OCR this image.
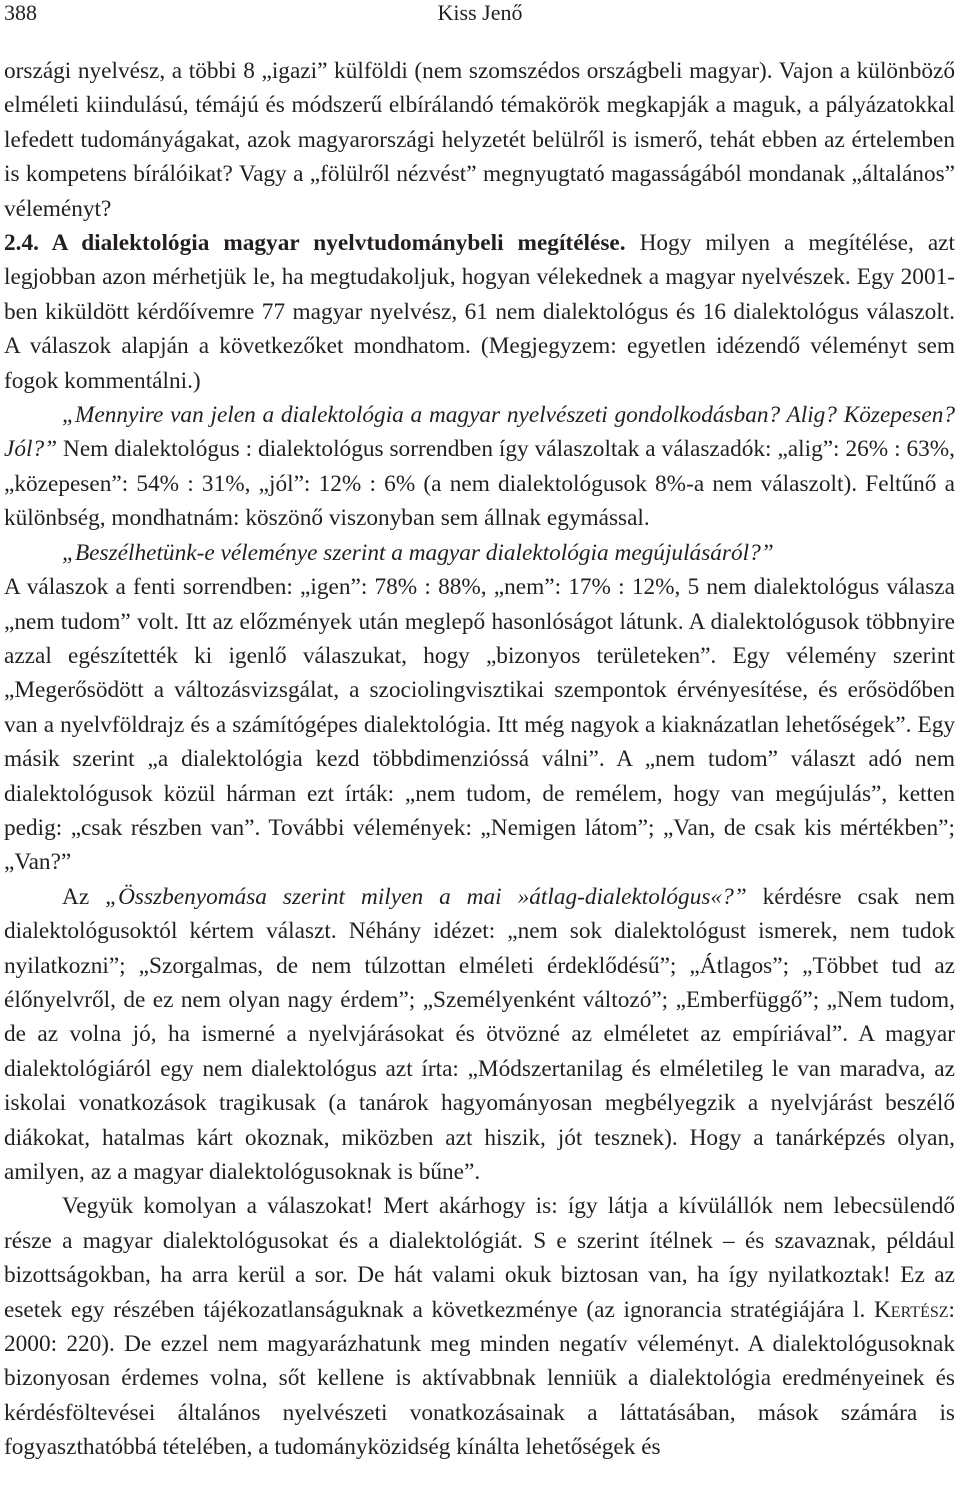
388	Kiss Jenő

országi nyelvész, a többi 8 „igazi” külföldi (nem szomszédos országbeli magyar). Vajon a különböző elméleti kiindulású, témájú és módszerű elbírálandó témakörök megkapják a maguk, a pályázatokkal lefedett tudományágakat, azok magyarországi helyzetét belülről is ismerő, tehát ebben az értelemben is kompetens bírálóikat? Vagy a „fölülről nézvést” megnyugtató magasságából mondanak „általános” véleményt?

2.4. A dialektológia magyar nyelvtudománybeli megítélése. Hogy milyen a megítélése, azt legjobban azon mérhetjük le, ha megtudakoljuk, hogyan vélekednek a magyar nyelvészek. Egy 2001-ben kiküldött kérdőívemre 77 magyar nyelvész, 61 nem dialektológus és 16 dialektológus válaszolt. A válaszok alapján a következőket mondhatom. (Megjegyzem: egyetlen idézendő véleményt sem fogok kommentálni.)

„Mennyire van jelen a dialektológia a magyar nyelvészeti gondolkodásban? Alig? Közepesen? Jól?” Nem dialektológus : dialektológus sorrendben így válaszoltak a válaszadók: „alig”: 26% : 63%, „közepesen”: 54% : 31%, „jól”: 12% : 6% (a nem dialektológusok 8%-a nem válaszolt). Feltűnő a különbség, mondhatnám: köszönő viszonyban sem állnak egymással.

„Beszélhetünk-e véleménye szerint a magyar dialektológia megújulásáról?”

A válaszok a fenti sorrendben: „igen”: 78% : 88%, „nem”: 17% : 12%, 5 nem dialektológus válasza „nem tudom” volt. Itt az előzmények után meglepő hasonlóságot látunk. A dialektológusok többnyire azzal egészítették ki igenlő válaszukat, hogy „bizonyos területeken”. Egy vélemény szerint „Megerősödött a változásvizsgálat, a szociolingvisztikai szempontok érvényesítése, és erősödőben van a nyelvföldrajz és a számítógépes dialektológia. Itt még nagyok a kiaknázatlan lehetőségek”. Egy másik szerint „a dialektológia kezd többdimenzióssá válni”. A „nem tudom” választ adó nem dialektológusok közül hárman ezt írták: „nem tudom, de remélem, hogy van megújulás”, ketten pedig: „csak részben van”. További vélemények: „Nemigen látom”; „Van, de csak kis mértékben”; „Van?”

Az „Összbenyomása szerint milyen a mai »átlag-dialektológus«?” kérdésre csak nem dialektológusoktól kértem választ. Néhány idézet: „nem sok dialektológust ismerek, nem tudok nyilatkozni”; „Szorgalmas, de nem túlzottan elméleti érdeklődésű”; „Átlagos”; „Többet tud az élőnyelvről, de ez nem olyan nagy érdem”; „Személyenként változó”; „Emberfüggő”; „Nem tudom, de az volna jó, ha ismerné a nyelvjárásokat és ötvözné az elméletet az empíriával”. A magyar dialektológiáról egy nem dialektológus azt írta: „Módszertanilag és elméletileg le van maradva, az iskolai vonatkozások tragikusak (a tanárok hagyományosan megbélyegzik a nyelvjárást beszélő diákokat, hatalmas kárt okoznak, miközben azt hiszik, jót tesznek). Hogy a tanárképzés olyan, amilyen, az a magyar dialektológusoknak is bűne”.

Vegyük komolyan a válaszokat! Mert akárhogy is: így látja a kívülállók nem lebecsülendő része a magyar dialektológusokat és a dialektológiát. S e szerint ítélnek – és szavaznak, például bizottságokban, ha arra kerül a sor. De hát valami okuk biztosan van, ha így nyilatkoztak! Ez az esetek egy részében tájékozatlanságuknak a következménye (az ignorancia stratégiájára l. Kertész: 2000: 220). De ezzel nem magyarázhatunk meg minden negatív véleményt. A dialektológusoknak bizonyosan érdemes volna, sőt kellene is aktívabbnak lenniük a dialektológia eredményeinek és kérdésföltevései általános nyelvészeti vonatkozásainak a láttatásában, mások számára is fogyaszthatóbbá tételében, a tudományközidség kínálta lehetőségek és
